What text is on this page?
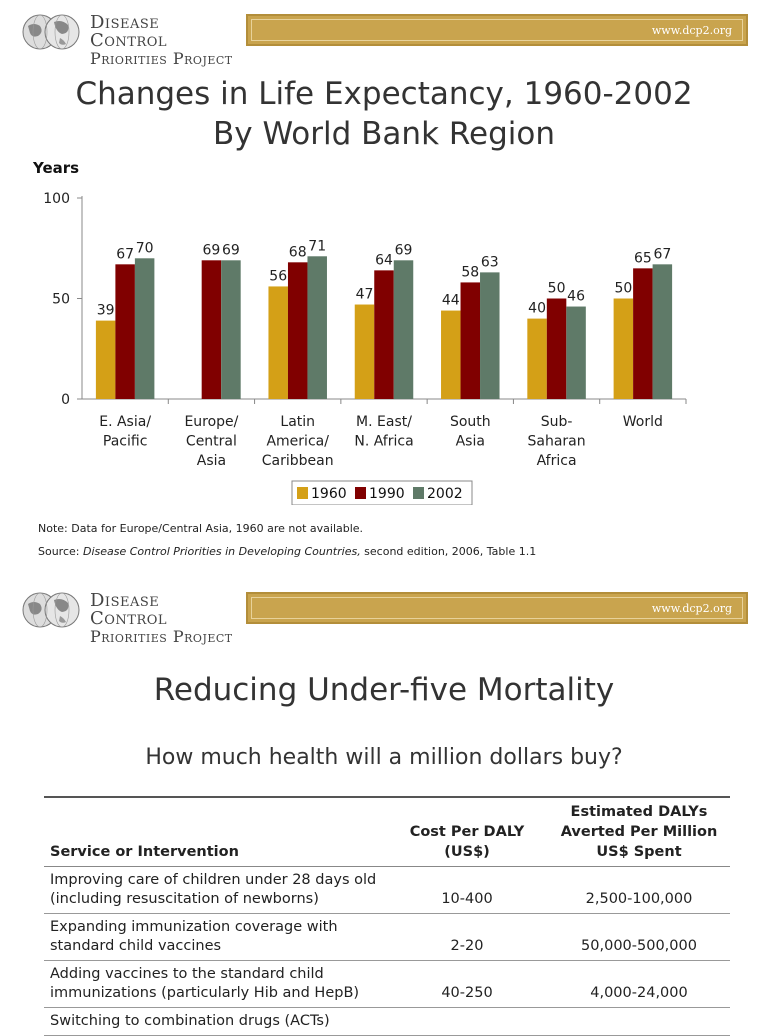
Disease Control
Priorities Project
www.dcp2.org
Changes in Life Expectancy, 1960-2002
By World Bank Region
Years
0
50
100
39
67 70
E. Asia/
Pacific
69 69
Europe/
Central
Asia
56
68 71
Latin
America/
Caribbean
47
64
69
M. East/
N. Africa
44
58
63
South
Asia
40
50
46
Sub-
Saharan
Africa
50
65 67
World
1960 1990 2002
Note: Data for Europe/Central Asia, 1960 are not available.
Source: Disease Control Priorities in Developing Countries, second edition, 2006, Table 1.1
Disease Control
Priorities Project
www.dcp2.org
Reducing Under-five Mortality
How much health will a million dollars buy?
Service or Intervention	Cost Per DALY (US$)	Estimated DALYs Averted Per Million US$ Spent
Improving care of children under 28 days old (including resuscitation of newborns)	10-400	2,500-100,000
Expanding immunization coverage with standard child vaccines	2-20	50,000-500,000
Adding vaccines to the standard child immunizations (particularly Hib and HepB)	40-250	4,000-24,000
Switching to combination drugs (ACTs)		
